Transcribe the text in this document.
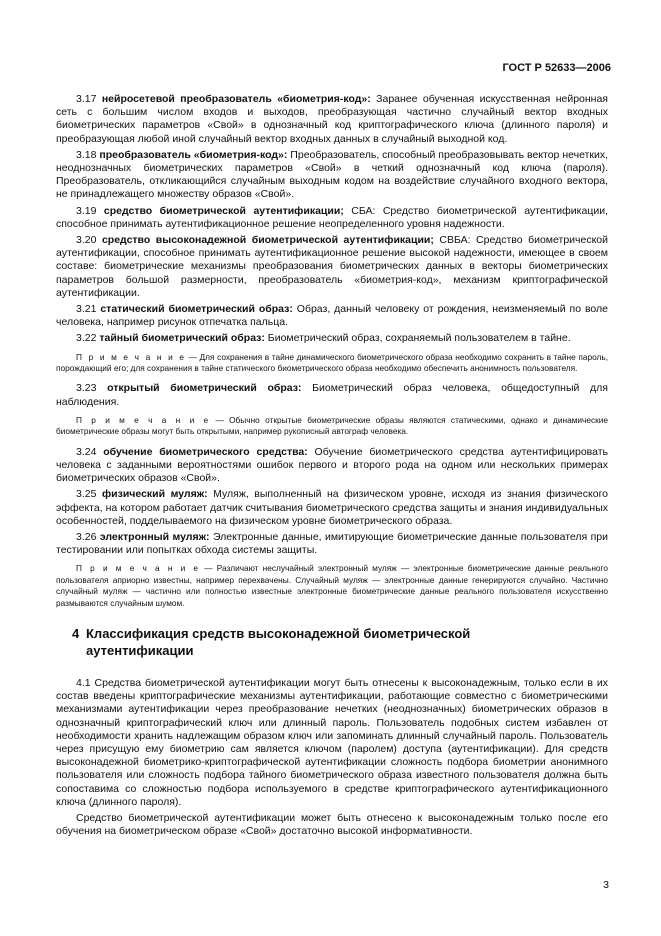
ГОСТ Р 52633—2006

3.17 нейросетевой преобразователь «биометрия-код»: Заранее обученная искусственная нейронная сеть с большим числом входов и выходов, преобразующая частично случайный вектор входных биометрических параметров «Свой» в однозначный код криптографического ключа (длинного пароля) и преобразующая любой иной случайный вектор входных данных в случайный выходной код.

3.18 преобразователь «биометрия-код»: Преобразователь, способный преобразовывать вектор нечетких, неоднозначных биометрических параметров «Свой» в четкий однозначный код ключа (пароля). Преобразователь, откликающийся случайным выходным кодом на воздействие случайного входного вектора, не принадлежащего множеству образов «Свой».

3.19 средство биометрической аутентификации; СБА: Средство биометрической аутентификации, способное принимать аутентификационное решение неопределенного уровня надежности.

3.20 средство высоконадежной биометрической аутентификации; СВБА: Средство биометрической аутентификации, способное принимать аутентификационное решение высокой надежности, имеющее в своем составе: биометрические механизмы преобразования биометрических данных в векторы биометрических параметров большой размерности, преобразователь «биометрия-код», механизм криптографической аутентификации.

3.21 статический биометрический образ: Образ, данный человеку от рождения, неизменяемый по воле человека, например рисунок отпечатка пальца.

3.22 тайный биометрический образ: Биометрический образ, сохраняемый пользователем в тайне.

П р и м е ч а н и е — Для сохранения в тайне динамического биометрического образа необходимо сохранить в тайне пароль, порождающий его; для сохранения в тайне статического биометрического образа необходимо обеспечить анонимность пользователя.

3.23 открытый биометрический образ: Биометрический образ человека, общедоступный для наблюдения.

П р и м е ч а н и е — Обычно открытые биометрические образы являются статическими, однако и динамические биометрические образы могут быть открытыми, например рукописный автограф человека.

3.24 обучение биометрического средства: Обучение биометрического средства аутентифицировать человека с заданными вероятностями ошибок первого и второго рода на одном или нескольких примерах биометрических образов «Свой».

3.25 физический муляж: Муляж, выполненный на физическом уровне, исходя из знания физического эффекта, на котором работает датчик считывания биометрического средства защиты и знания индивидуальных особенностей, подделываемого на физическом уровне биометрического образа.

3.26 электронный муляж: Электронные данные, имитирующие биометрические данные пользователя при тестировании или попытках обхода системы защиты.

П р и м е ч а н и е — Различают неслучайный электронный муляж — электронные биометрические данные реального пользователя априорно известны, например перехвачены. Случайный муляж — электронные данные генерируются случайно. Частично случайный муляж — частично или полностью известные электронные биометрические данные реального пользователя искусственно размываются случайным шумом.

4 Классификация средств высоконадежной биометрической
аутентификации

4.1 Средства биометрической аутентификации могут быть отнесены к высоконадежным, только если в их состав введены криптографические механизмы аутентификации, работающие совместно с биометрическими механизмами аутентификации через преобразование нечетких (неоднозначных) биометрических образов в однозначный криптографический ключ или длинный пароль. Пользователь подобных систем избавлен от необходимости хранить надлежащим образом ключ или запоминать длинный случайный пароль. Пользователь через присущую ему биометрию сам является ключом (паролем) доступа (аутентификации). Для средств высоконадежной биометрико-криптографической аутентификации сложность подбора биометрии анонимного пользователя или сложность подбора тайного биометрического образа известного пользователя должна быть сопоставима со сложностью подбора используемого в средстве криптографического аутентификационного ключа (длинного пароля).

Средство биометрической аутентификации может быть отнесено к высоконадежным только после его обучения на биометрическом образе «Свой» достаточно высокой информативности.

3
